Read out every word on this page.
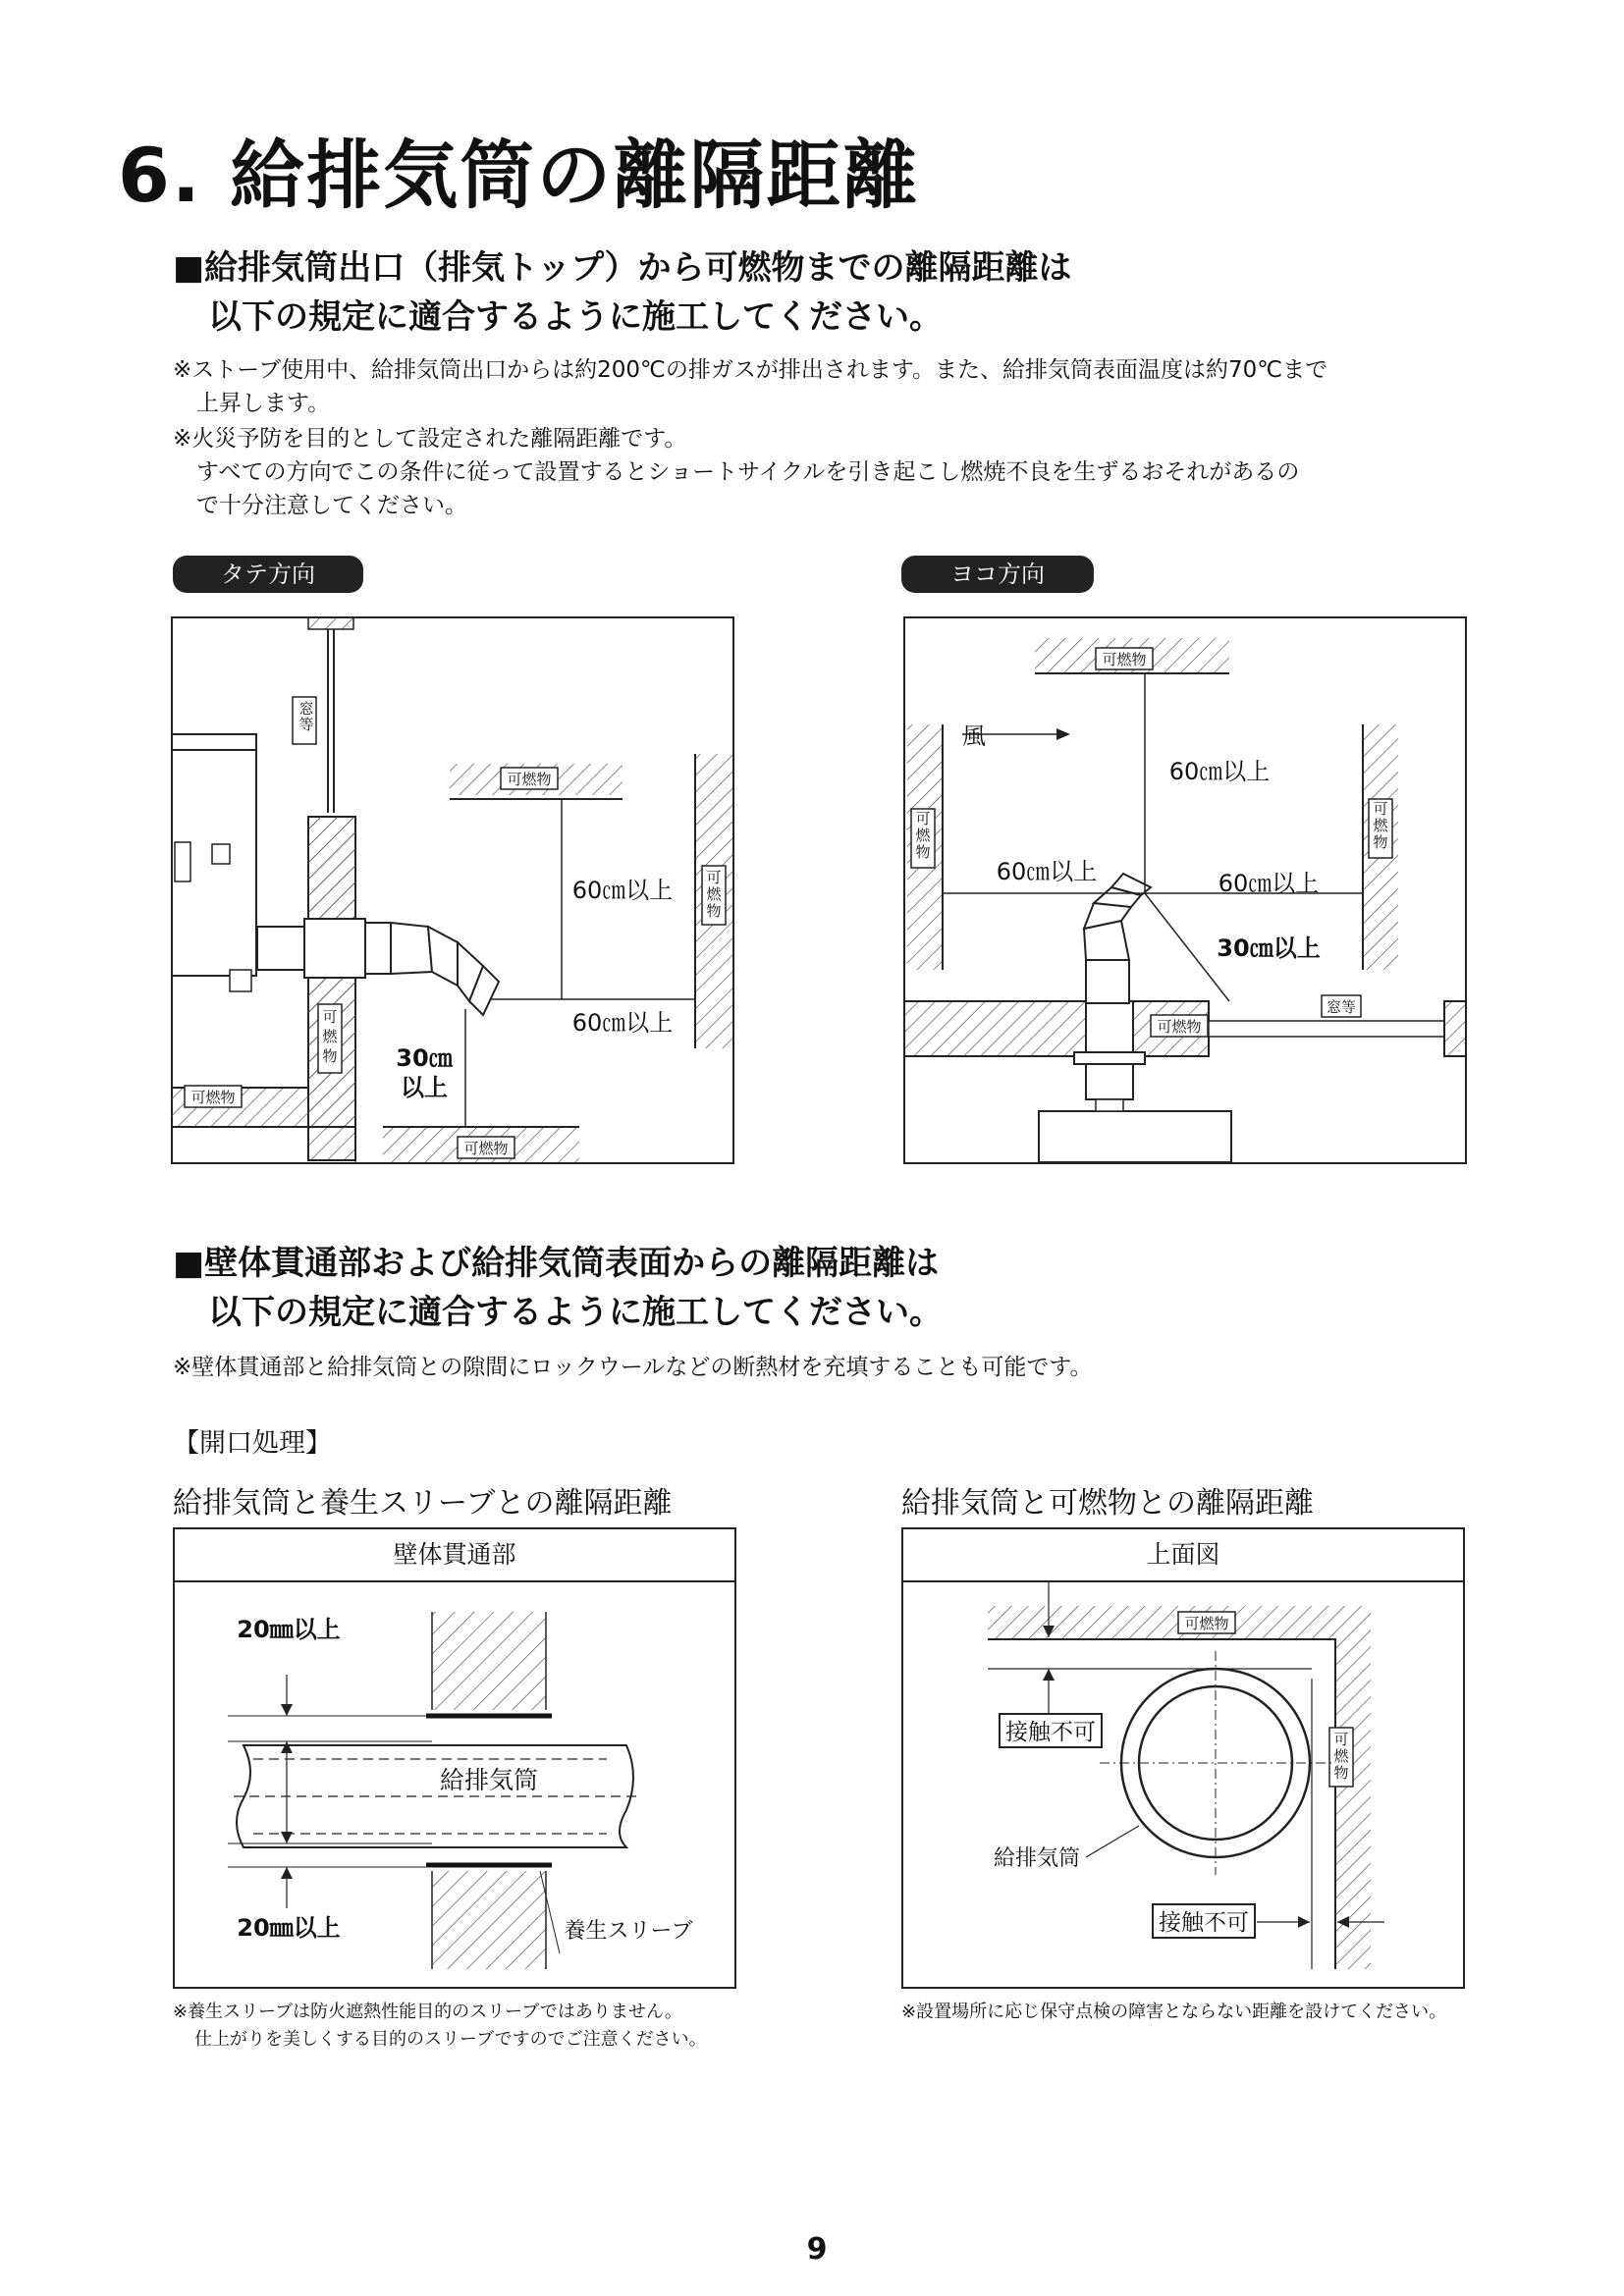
6. 給排気筒の離隔距離
■給排気筒出口（排気トップ）から可燃物までの離隔距離は
以下の規定に適合するように施工してください。
※ストーブ使用中、給排気筒出口からは約200℃の排ガスが排出されます。また、給排気筒表面温度は約70℃まで
上昇します。
※火災予防を目的として設定された離隔距離です。
すべての方向でこの条件に従って設置するとショートサイクルを引き起こし燃焼不良を生ずるおそれがあるの
で十分注意してください。
タテ方向	ヨコ方向
可燃物
可燃物
可燃物
60㎝以上
60㎝以上
30㎝
以上
窓等
可燃物
可燃物
可燃物
可燃物
窓等
風
60㎝以上
60㎝以上	60㎝以上
30㎝以上
可燃物
可燃物
■壁体貫通部および給排気筒表面からの離隔距離は
以下の規定に適合するように施工してください。
※壁体貫通部と給排気筒との隙間にロックウールなどの断熱材を充填することも可能です。
【開口処理】
給排気筒と養生スリーブとの離隔距離	給排気筒と可燃物との離隔距離
壁体貫通部
20㎜以上
20㎜以上
給排気筒
養生スリーブ
上面図
可燃物
接触不可
接触不可
給排気筒
可燃物
※養生スリーブは防火遮熱性能目的のスリーブではありません。
仕上がりを美しくする目的のスリーブですのでご注意ください。
※設置場所に応じ保守点検の障害とならない距離を設けてください。
9
